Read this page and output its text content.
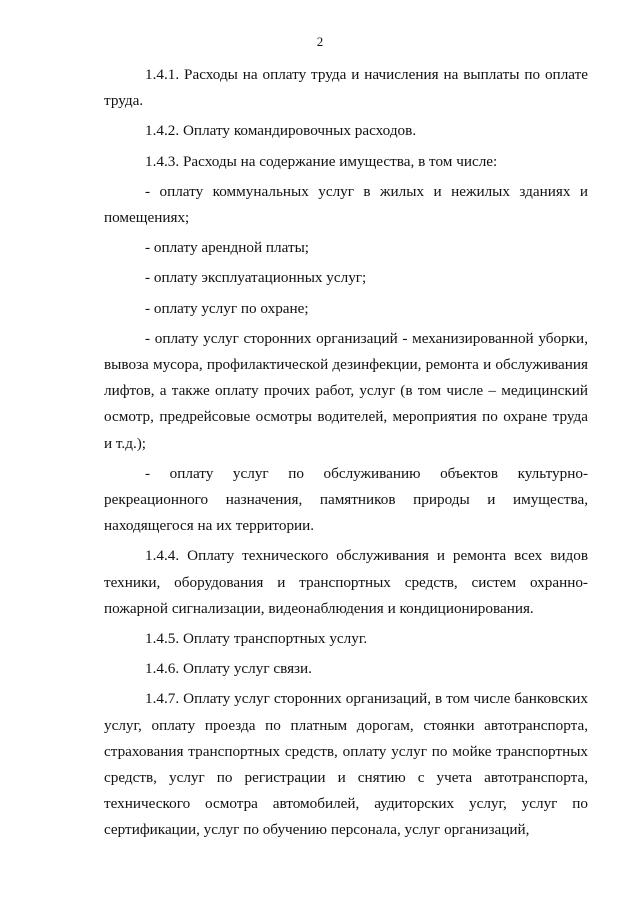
2

1.4.1. Расходы на оплату труда и начисления на выплаты по оплате труда.

1.4.2. Оплату командировочных расходов.

1.4.3. Расходы на содержание имущества, в том числе:

- оплату коммунальных услуг в жилых и нежилых зданиях и помещениях;

- оплату арендной платы;

- оплату эксплуатационных услуг;

- оплату услуг по охране;

- оплату услуг сторонних организаций - механизированной уборки, вывоза мусора, профилактической дезинфекции, ремонта и обслуживания лифтов, а также оплату прочих работ, услуг (в том числе – медицинский осмотр, предрейсовые осмотры водителей, мероприятия по охране труда и т.д.);

- оплату услуг по обслуживанию объектов культурно-рекреационного назначения, памятников природы и имущества, находящегося на их территории.

1.4.4. Оплату технического обслуживания и ремонта всех видов техники, оборудования и транспортных средств, систем охранно-пожарной сигнализации, видеонаблюдения и кондиционирования.

1.4.5. Оплату транспортных услуг.

1.4.6. Оплату услуг связи.

1.4.7. Оплату услуг сторонних организаций, в том числе банковских услуг, оплату проезда по платным дорогам, стоянки автотранспорта, страхования транспортных средств, оплату услуг по мойке транспортных средств, услуг по регистрации и снятию с учета автотранспорта, технического осмотра автомобилей, аудиторских услуг, услуг по сертификации, услуг по обучению персонала, услуг организаций,
